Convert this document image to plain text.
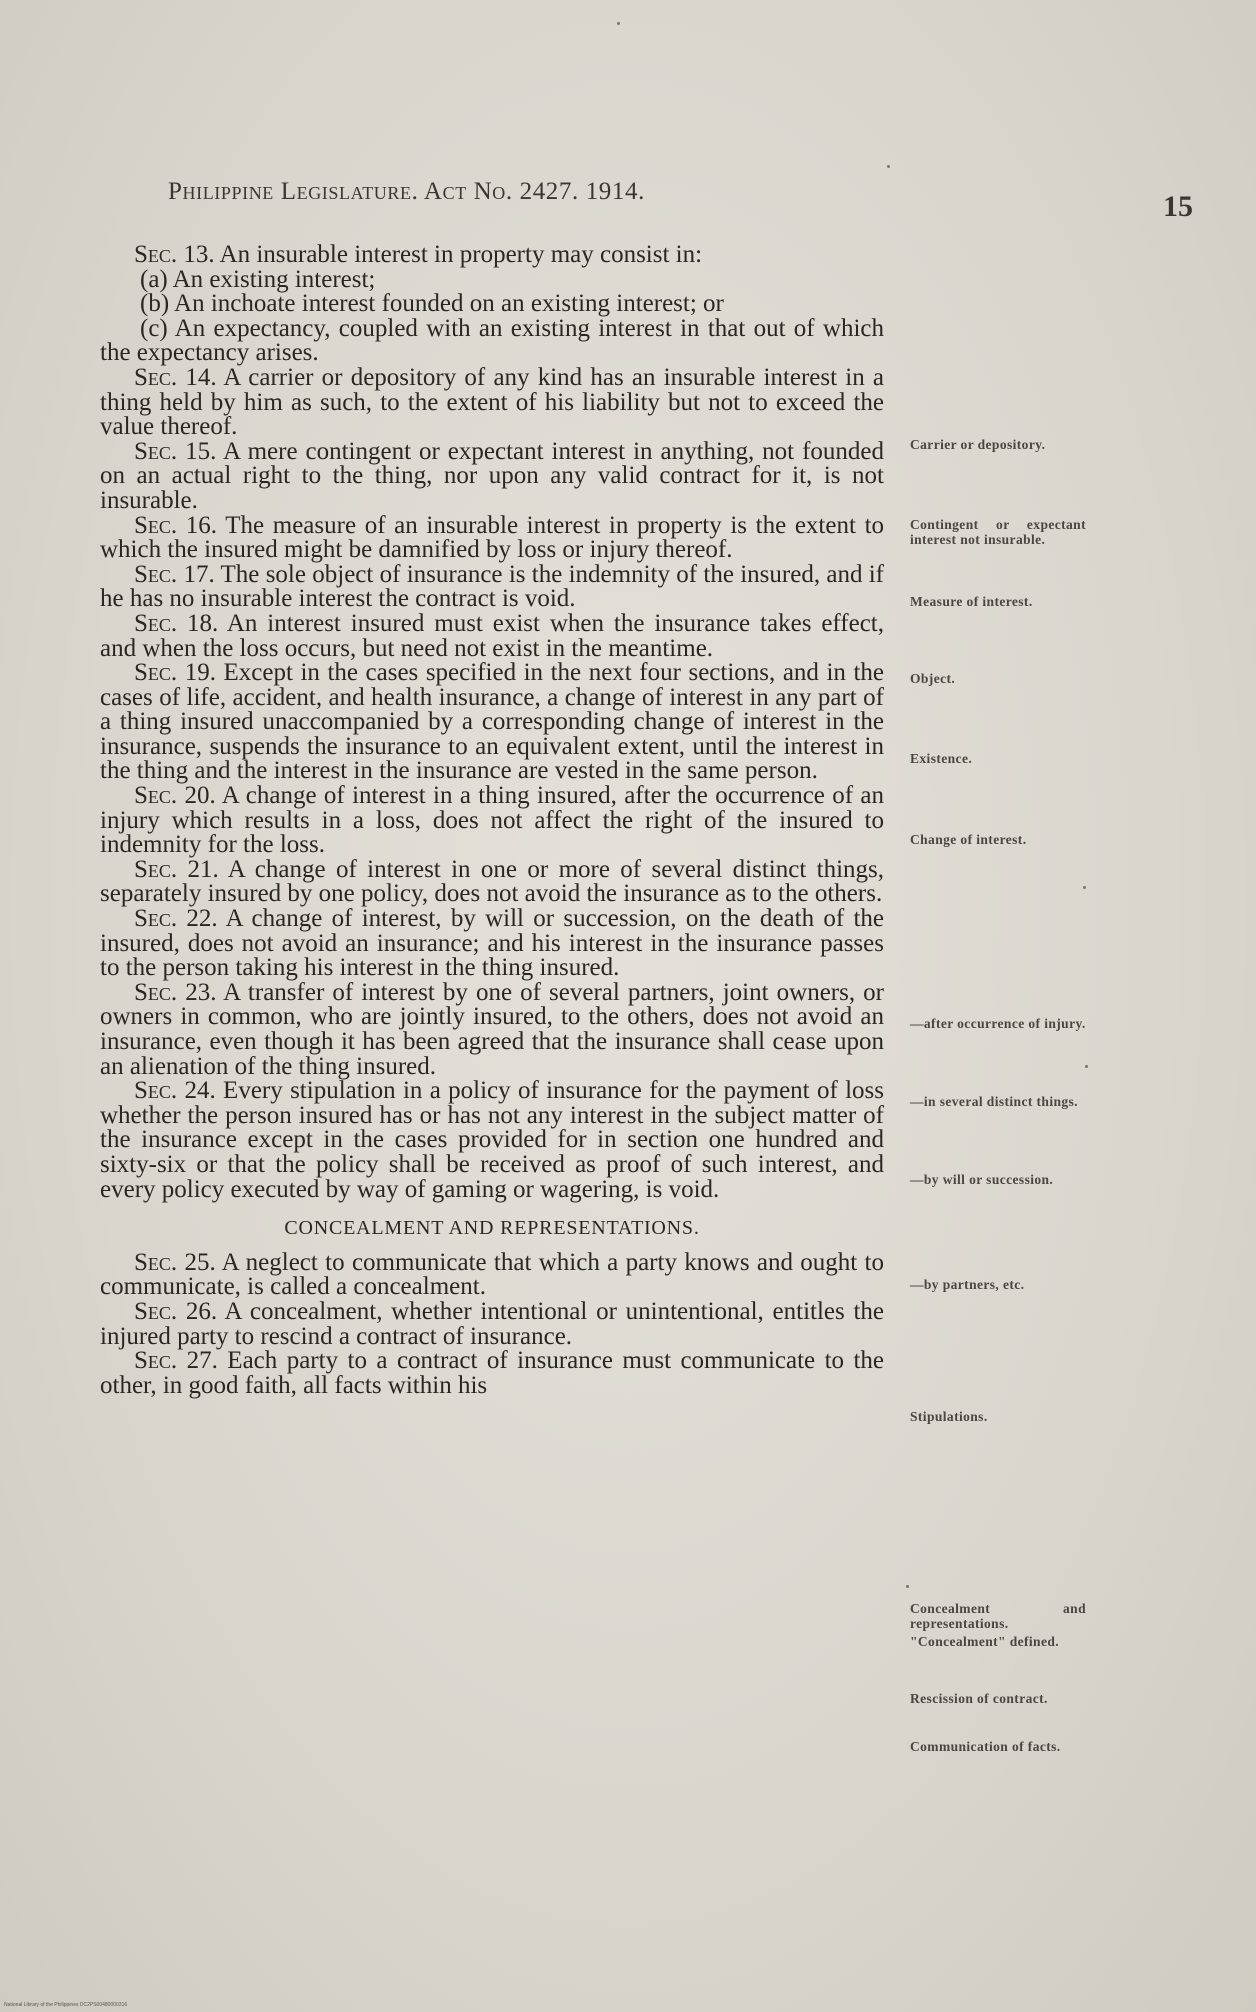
Philippine Legislature. Act No. 2427. 1914.	15

Sec. 13. An insurable interest in property may consist in:

(a) An existing interest;

(b) An inchoate interest founded on an existing interest; or

(c) An expectancy, coupled with an existing interest in that out of which the expectancy arises.

Sec. 14. A carrier or depository of any kind has an insurable interest in a thing held by him as such, to the extent of his liability but not to exceed the value thereof.

Sec. 15. A mere contingent or expectant interest in anything, not founded on an actual right to the thing, nor upon any valid contract for it, is not insurable.

Sec. 16. The measure of an insurable interest in property is the extent to which the insured might be damnified by loss or injury thereof.

Sec. 17. The sole object of insurance is the indemnity of the insured, and if he has no insurable interest the contract is void.

Sec. 18. An interest insured must exist when the insurance takes effect, and when the loss occurs, but need not exist in the meantime.

Sec. 19. Except in the cases specified in the next four sections, and in the cases of life, accident, and health insurance, a change of interest in any part of a thing insured unaccompanied by a corresponding change of interest in the insurance, suspends the insurance to an equivalent extent, until the interest in the thing and the interest in the insurance are vested in the same person.

Sec. 20. A change of interest in a thing insured, after the occurrence of an injury which results in a loss, does not affect the right of the insured to indemnity for the loss.

Sec. 21. A change of interest in one or more of several distinct things, separately insured by one policy, does not avoid the insurance as to the others.

Sec. 22. A change of interest, by will or succession, on the death of the insured, does not avoid an insurance; and his interest in the insurance passes to the person taking his interest in the thing insured.

Sec. 23. A transfer of interest by one of several partners, joint owners, or owners in common, who are jointly insured, to the others, does not avoid an insurance, even though it has been agreed that the insurance shall cease upon an alienation of the thing insured.

Sec. 24. Every stipulation in a policy of insurance for the payment of loss whether the person insured has or has not any interest in the subject matter of the insurance except in the cases provided for in section one hundred and sixty-six or that the policy shall be received as proof of such interest, and every policy executed by way of gaming or wagering, is void.

CONCEALMENT AND REPRESENTATIONS.

Sec. 25. A neglect to communicate that which a party knows and ought to communicate, is called a concealment.

Sec. 26. A concealment, whether intentional or unintentional, entitles the injured party to rescind a contract of insurance.

Sec. 27. Each party to a contract of insurance must communicate to the other, in good faith, all facts within his

Carrier or depository.
Contingent or expectant interest not insurable.
Measure of interest.
Object.
Existence.
Change of interest.
—after occurrence of injury.
—in several distinct things.
—by will or succession.
—by partners, etc.
Stipulations.
Concealment and representations.
"Concealment" defined.
Rescission of contract.
Communication of facts.
National Library of the Philippines DC2PS00480000316
